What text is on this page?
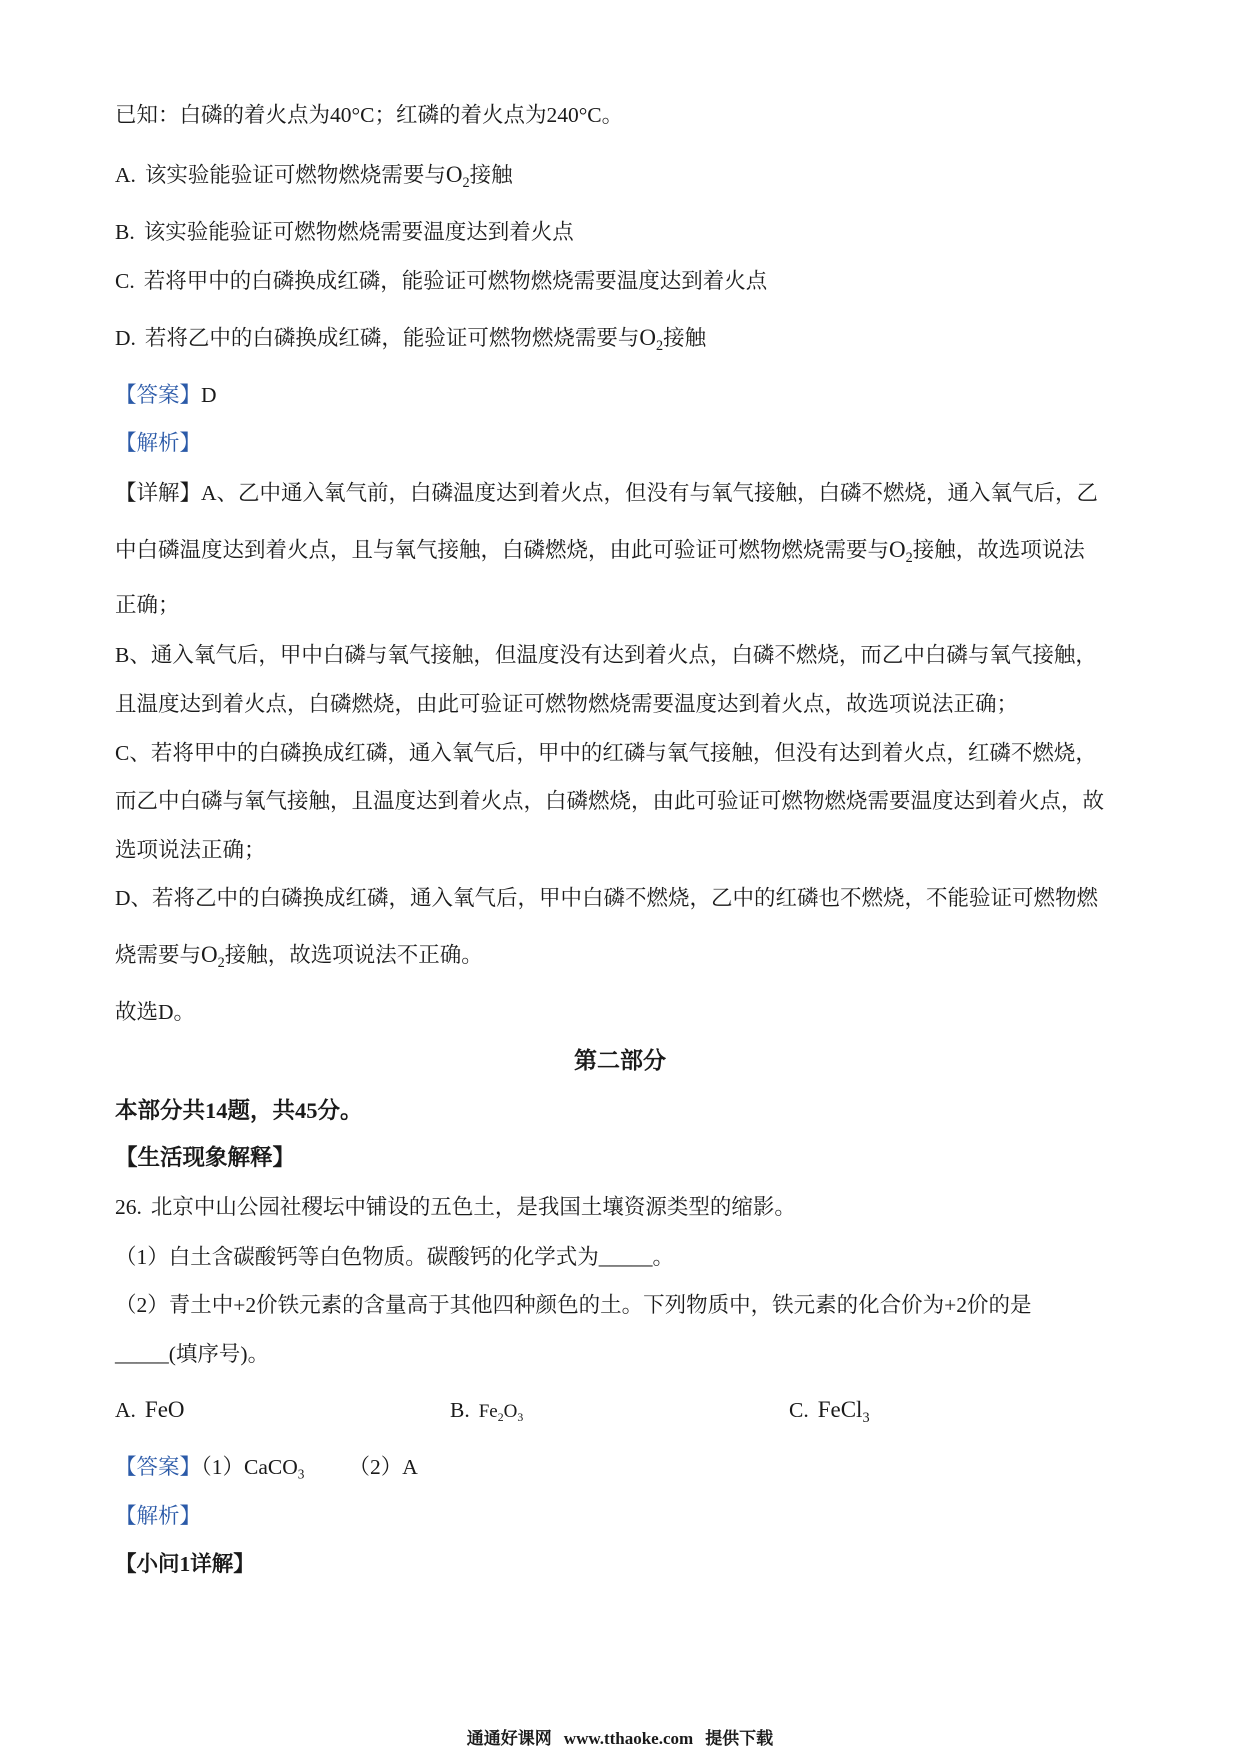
已知：白磷的着火点为40°C；红磷的着火点为240°C。
A. 该实验能验证可燃物燃烧需要与$O_2$接触
B. 该实验能验证可燃物燃烧需要温度达到着火点
C. 若将甲中的白磷换成红磷，能验证可燃物燃烧需要温度达到着火点
D. 若将乙中的白磷换成红磷，能验证可燃物燃烧需要与$O_2$接触
【答案】D
【解析】
【详解】A、乙中通入氧气前，白磷温度达到着火点，但没有与氧气接触，白磷不燃烧，通入氧气后，乙
中白磷温度达到着火点，且与氧气接触，白磷燃烧，由此可验证可燃物燃烧需要与$O_2$接触，故选项说法
正确；
B、通入氧气后，甲中白磷与氧气接触，但温度没有达到着火点，白磷不燃烧，而乙中白磷与氧气接触，
且温度达到着火点，白磷燃烧，由此可验证可燃物燃烧需要温度达到着火点，故选项说法正确；
C、若将甲中的白磷换成红磷，通入氧气后，甲中的红磷与氧气接触，但没有达到着火点，红磷不燃烧，
而乙中白磷与氧气接触，且温度达到着火点，白磷燃烧，由此可验证可燃物燃烧需要温度达到着火点，故
选项说法正确；
D、若将乙中的白磷换成红磷，通入氧气后，甲中白磷不燃烧，乙中的红磷也不燃烧，不能验证可燃物燃
烧需要与$O_2$接触，故选项说法不正确。
故选D。
第二部分
本部分共14题，共45分。
【生活现象解释】
26. 北京中山公园社稷坛中铺设的五色土，是我国土壤资源类型的缩影。
（1）白土含碳酸钙等白色物质。碳酸钙的化学式为_____。
（2）青土中+2价铁元素的含量高于其他四种颜色的土。下列物质中，铁元素的化合价为+2价的是
_____(填序号)。
A. FeO	B. $Fe_2O_3$	C. FeCl$_3$
【答案】（1）CaCO$_3$ （2）A
【解析】
【小问1详解】
通通好课网 www.tthaoke.com 提供下载
